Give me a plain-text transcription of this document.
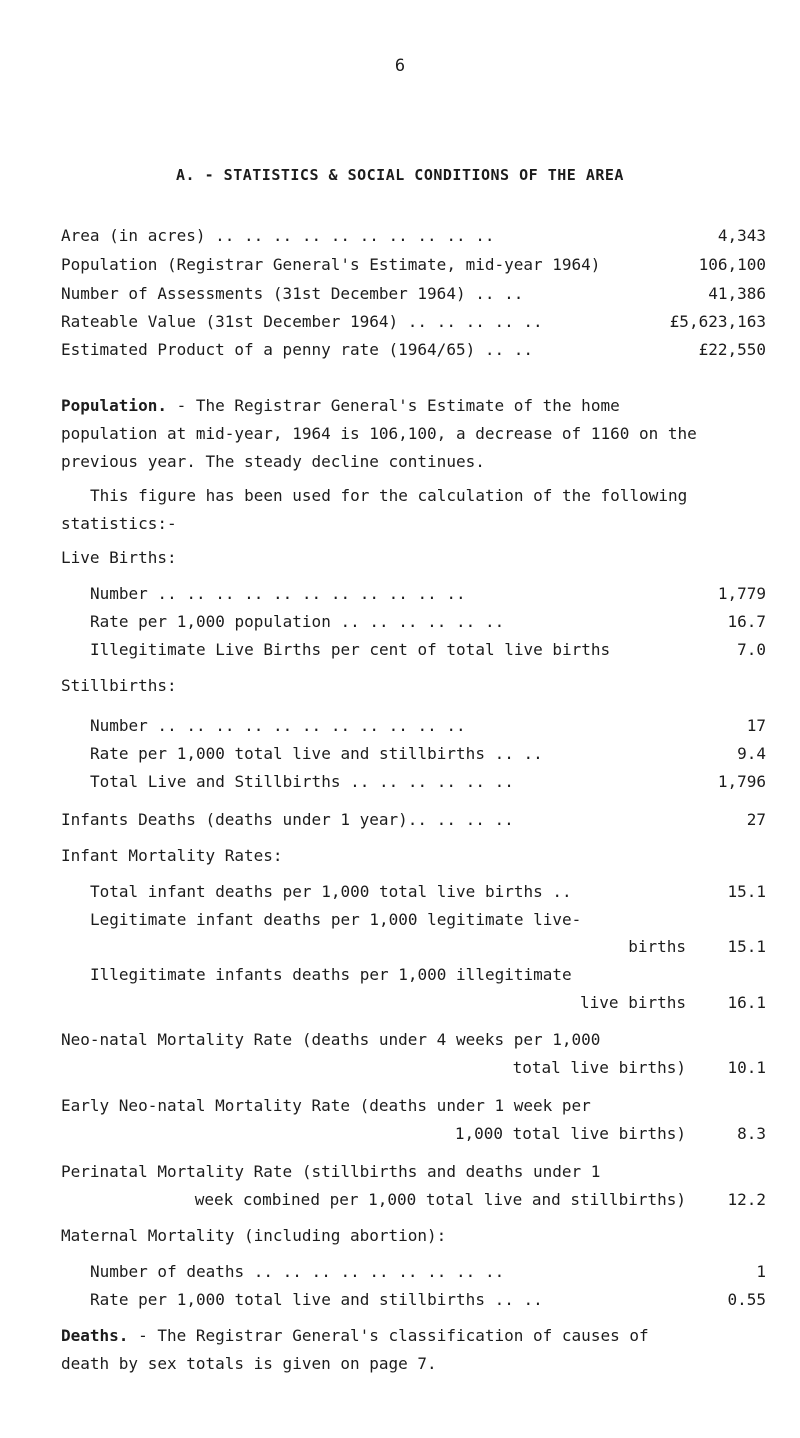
6
A. - STATISTICS & SOCIAL CONDITIONS OF THE AREA
Area (in acres) .. .. .. .. .. .. .. .. .. ..	4,343
Population (Registrar General's Estimate, mid-year 1964)	106,100
Number of Assessments (31st December 1964) .. ..	41,386
Rateable Value (31st December 1964) .. .. .. .. ..	£5,623,163
Estimated Product of a penny rate (1964/65) .. ..	£22,550
Population. - The Registrar General's Estimate of the home
population at mid-year, 1964 is 106,100, a decrease of 1160 on the
previous year. The steady decline continues.
This figure has been used for the calculation of the following
statistics:-
Live Births:
Number .. .. .. .. .. .. .. .. .. .. ..	1,779
Rate per 1,000 population .. .. .. .. .. ..	16.7
Illegitimate Live Births per cent of total live births	7.0
Stillbirths:
Number .. .. .. .. .. .. .. .. .. .. ..	17
Rate per 1,000 total live and stillbirths .. ..	9.4
Total Live and Stillbirths .. .. .. .. .. ..	1,796
Infants Deaths (deaths under 1 year).. .. .. ..	27
Infant Mortality Rates:
Total infant deaths per 1,000 total live births ..	15.1
Legitimate infant deaths per 1,000 legitimate live-
births	15.1
Illegitimate infants deaths per 1,000 illegitimate
live births	16.1
Neo-natal Mortality Rate (deaths under 4 weeks per 1,000
total live births)	10.1
Early Neo-natal Mortality Rate (deaths under 1 week per
1,000 total live births)	8.3
Perinatal Mortality Rate (stillbirths and deaths under 1
week combined per 1,000 total live and stillbirths)	12.2
Maternal Mortality (including abortion):
Number of deaths .. .. .. .. .. .. .. .. ..	1
Rate per 1,000 total live and stillbirths .. ..	0.55
Deaths. - The Registrar General's classification of causes of
death by sex totals is given on page 7.
